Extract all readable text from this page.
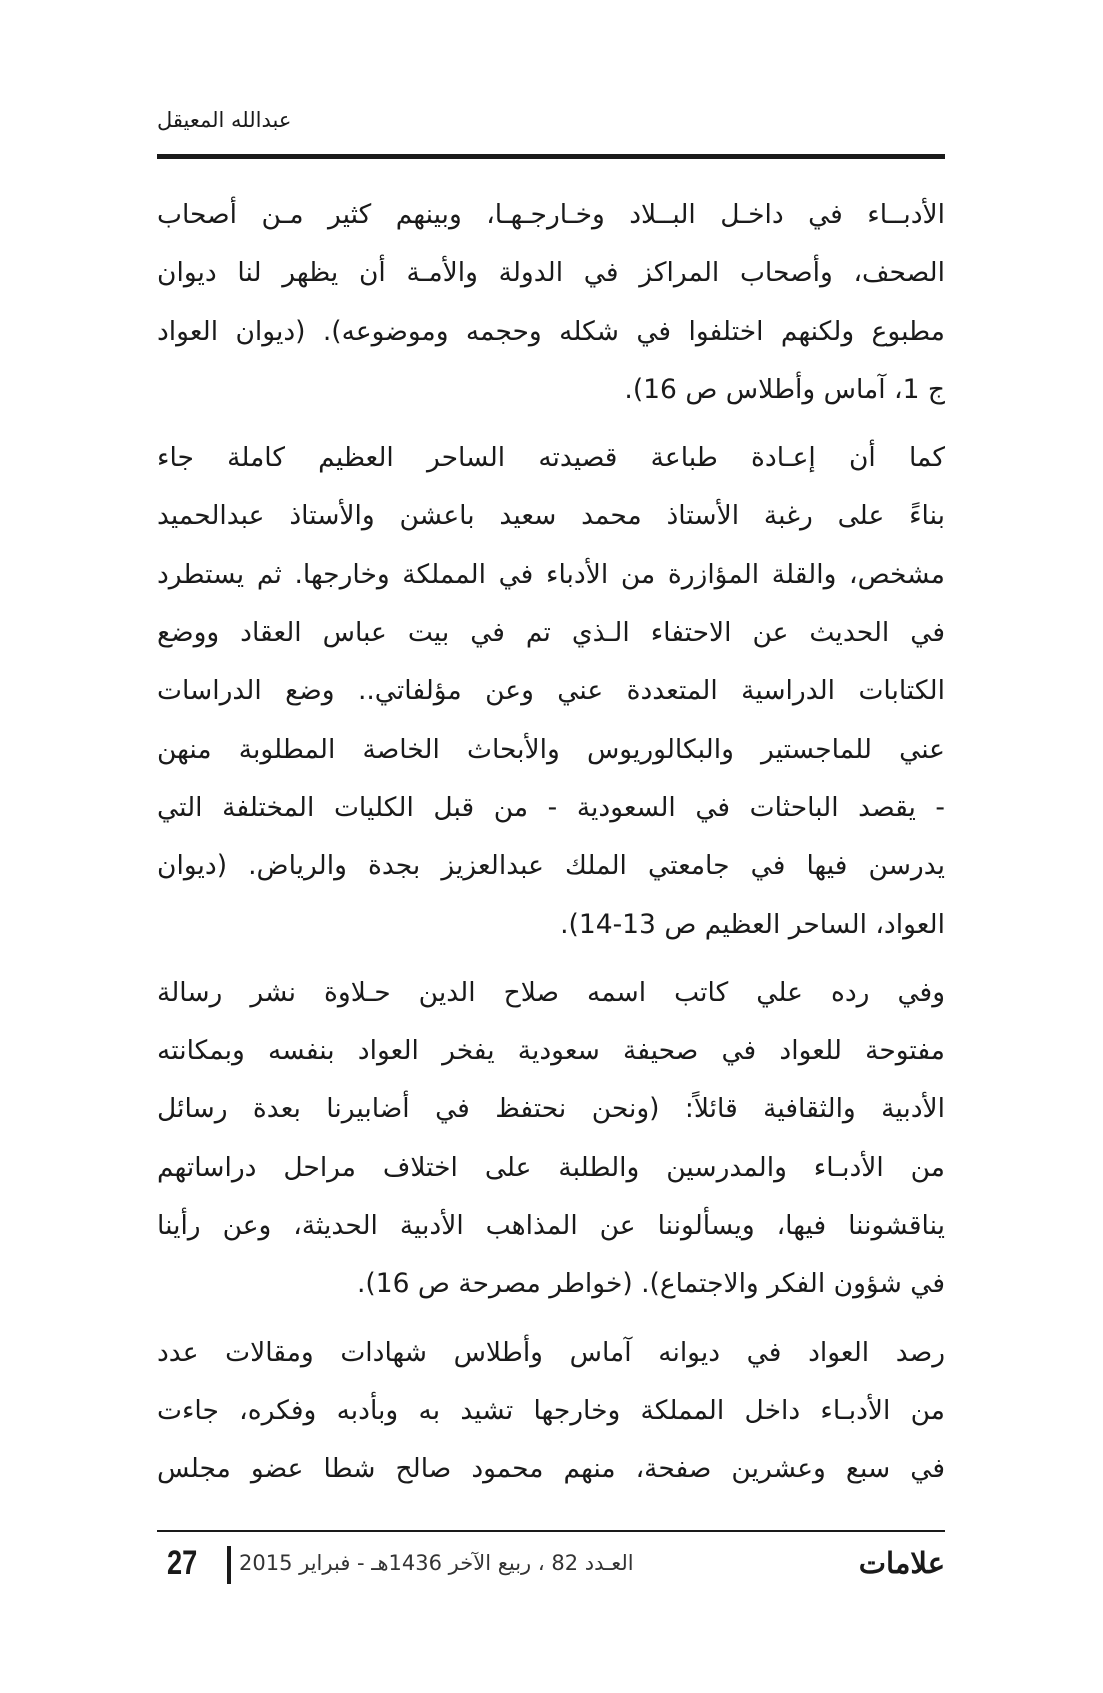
عبدالله المعيقل
الأدبــاء في داخـل البــلاد وخـارجـهـا، وبينهم كثير مـن أصحاب
الصحف، وأصحاب المراكز في الدولة والأمـة أن يظهر لنا ديوان
مطبوع ولكنهم اختلفوا في شكله وحجمه وموضوعه). (ديوان العواد
ج 1، آماس وأطلاس ص 16).
كما أن إعـادة طباعة قصيدته الساحر العظيم كاملة جاء
بناءً على رغبة الأستاذ محمد سعيد باعشن والأستاذ عبدالحميد
مشخص، والقلة المؤازرة من الأدباء في المملكة وخارجها. ثم يستطرد
في الحديث عن الاحتفاء الـذي تم في بيت عباس العقاد ووضع
الكتابات الدراسية المتعددة عني وعن مؤلفاتي.. وضع الدراسات
عني للماجستير والبكالوريوس والأبحاث الخاصة المطلوبة منهن
- يقصد الباحثات في السعودية - من قبل الكليات المختلفة التي
يدرسن فيها في جامعتي الملك عبدالعزيز بجدة والرياض. (ديوان
العواد، الساحر العظيم ص 13-14).
وفي رده علي كاتب اسمه صلاح الدين حـلاوة نشر رسالة
مفتوحة للعواد في صحيفة سعودية يفخر العواد بنفسه وبمكانته
الأدبية والثقافية قائلاً: (ونحن نحتفظ في أضابيرنا بعدة رسائل
من الأدبـاء والمدرسين والطلبة على اختلاف مراحل دراساتهم
يناقشوننا فيها، ويسألوننا عن المذاهب الأدبية الحديثة، وعن رأينا
في شؤون الفكر والاجتماع). (خواطر مصرحة ص 16).
رصد العواد في ديوانه آماس وأطلاس شهادات ومقالات عدد
من الأدبـاء داخل المملكة وخارجها تشيد به وبأدبه وفكره، جاءت
في سبع وعشرين صفحة، منهم محمود صالح شطا عضو مجلس
27 العـدد 82 ، ربيع الآخر 1436هـ - فبراير 2015	علامات
